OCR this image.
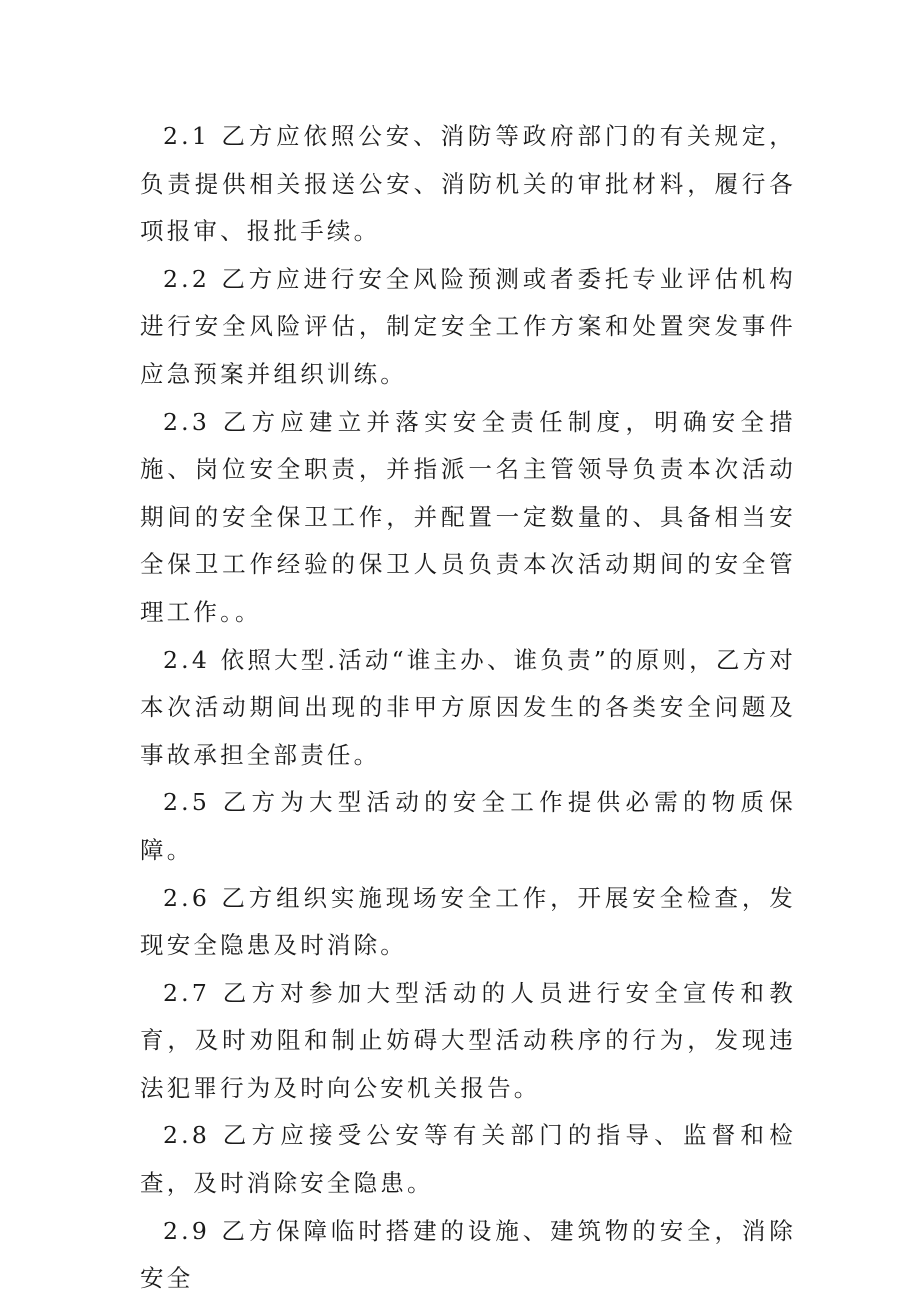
2.1 乙方应依照公安、消防等政府部门的有关规定，负责提供相关报送公安、消防机关的审批材料，履行各项报审、报批手续。

2.2 乙方应进行安全风险预测或者委托专业评估机构进行安全风险评估，制定安全工作方案和处置突发事件应急预案并组织训练。

2.3 乙方应建立并落实安全责任制度，明确安全措施、岗位安全职责，并指派一名主管领导负责本次活动期间的安全保卫工作，并配置一定数量的、具备相当安全保卫工作经验的保卫人员负责本次活动期间的安全管理工作。。

2.4 依照大型.活动“谁主办、谁负责”的原则，乙方对本次活动期间出现的非甲方原因发生的各类安全问题及事故承担全部责任。

2.5 乙方为大型活动的安全工作提供必需的物质保障。

2.6 乙方组织实施现场安全工作，开展安全检查，发现安全隐患及时消除。

2.7 乙方对参加大型活动的人员进行安全宣传和教育，及时劝阻和制止妨碍大型活动秩序的行为，发现违法犯罪行为及时向公安机关报告。

2.8 乙方应接受公安等有关部门的指导、监督和检查，及时消除安全隐患。

2.9 乙方保障临时搭建的设施、建筑物的安全，消除安全
